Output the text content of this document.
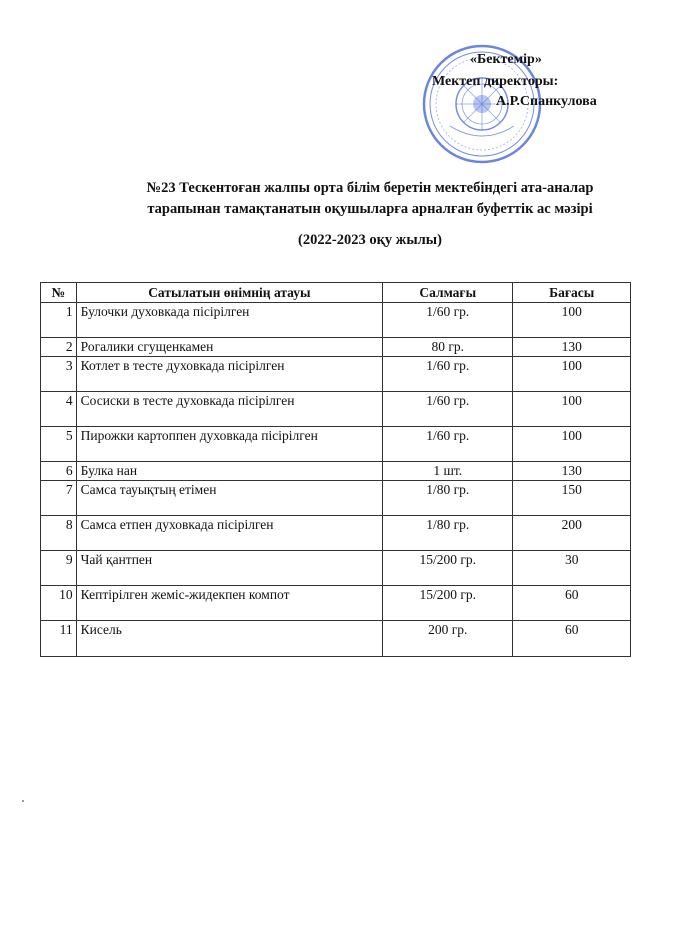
«Бектемір»
Мектеп директоры:
А.Р.Спанкулова
№23 Тескентоған жалпы орта білім беретін мектебіндегі ата-аналар
тарапынан тамақтанатын оқушыларға арналған буфеттік ас мәзірі
(2022-2023 оқу жылы)
№	Сатылатын өнімнің атауы	Салмағы	Бағасы
1	Булочки духовкада пісірілген	1/60 гр.	100
2	Рогалики сгущенкамен	80 гр.	130
3	Котлет в тесте духовкада пісірілген	1/60 гр.	100
4	Сосиски в тесте духовкада пісірілген	1/60 гр.	100
5	Пирожки картоппен духовкада пісірілген	1/60 гр.	100
6	Булка нан	1 шт.	130
7	Самса тауықтың етімен	1/80 гр.	150
8	Самса етпен духовкада пісірілген	1/80 гр.	200
9	Чай қантпен	15/200 гр.	30
10	Кептірілген жеміс-жидекпен компот	15/200 гр.	60
11	Кисель	200 гр.	60
